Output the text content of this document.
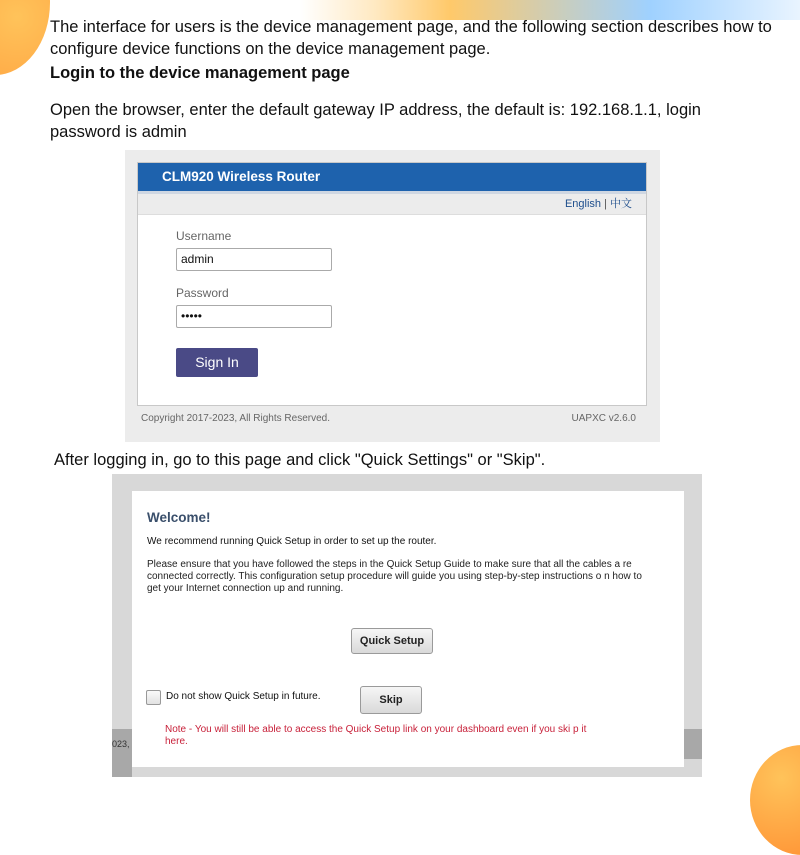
The interface for users is the device management page, and the following section describes how to configure device functions on the device management page.
Login to the device management page
Open the browser, enter the default gateway IP address, the default is: 192.168.1.1, login password is admin
CLM920 Wireless Router
English | 中文
Username
admin
Password
•••••
Sign In
Copyright 2017-2023, All Rights Reserved.	UAPXC v2.6.0
After logging in, go to this page and click "Quick Settings" or "Skip".
023,
Welcome!
We recommend running Quick Setup in order to set up the router.
Please ensure that you have followed the steps in the Quick Setup Guide to make sure that all the cables a re connected correctly. This configuration setup procedure will guide you using step-by-step instructions o n how to get your Internet connection up and running.
Quick Setup
Do not show Quick Setup in future.	Skip
Note - You will still be able to access the Quick Setup link on your dashboard even if you ski p it here.
